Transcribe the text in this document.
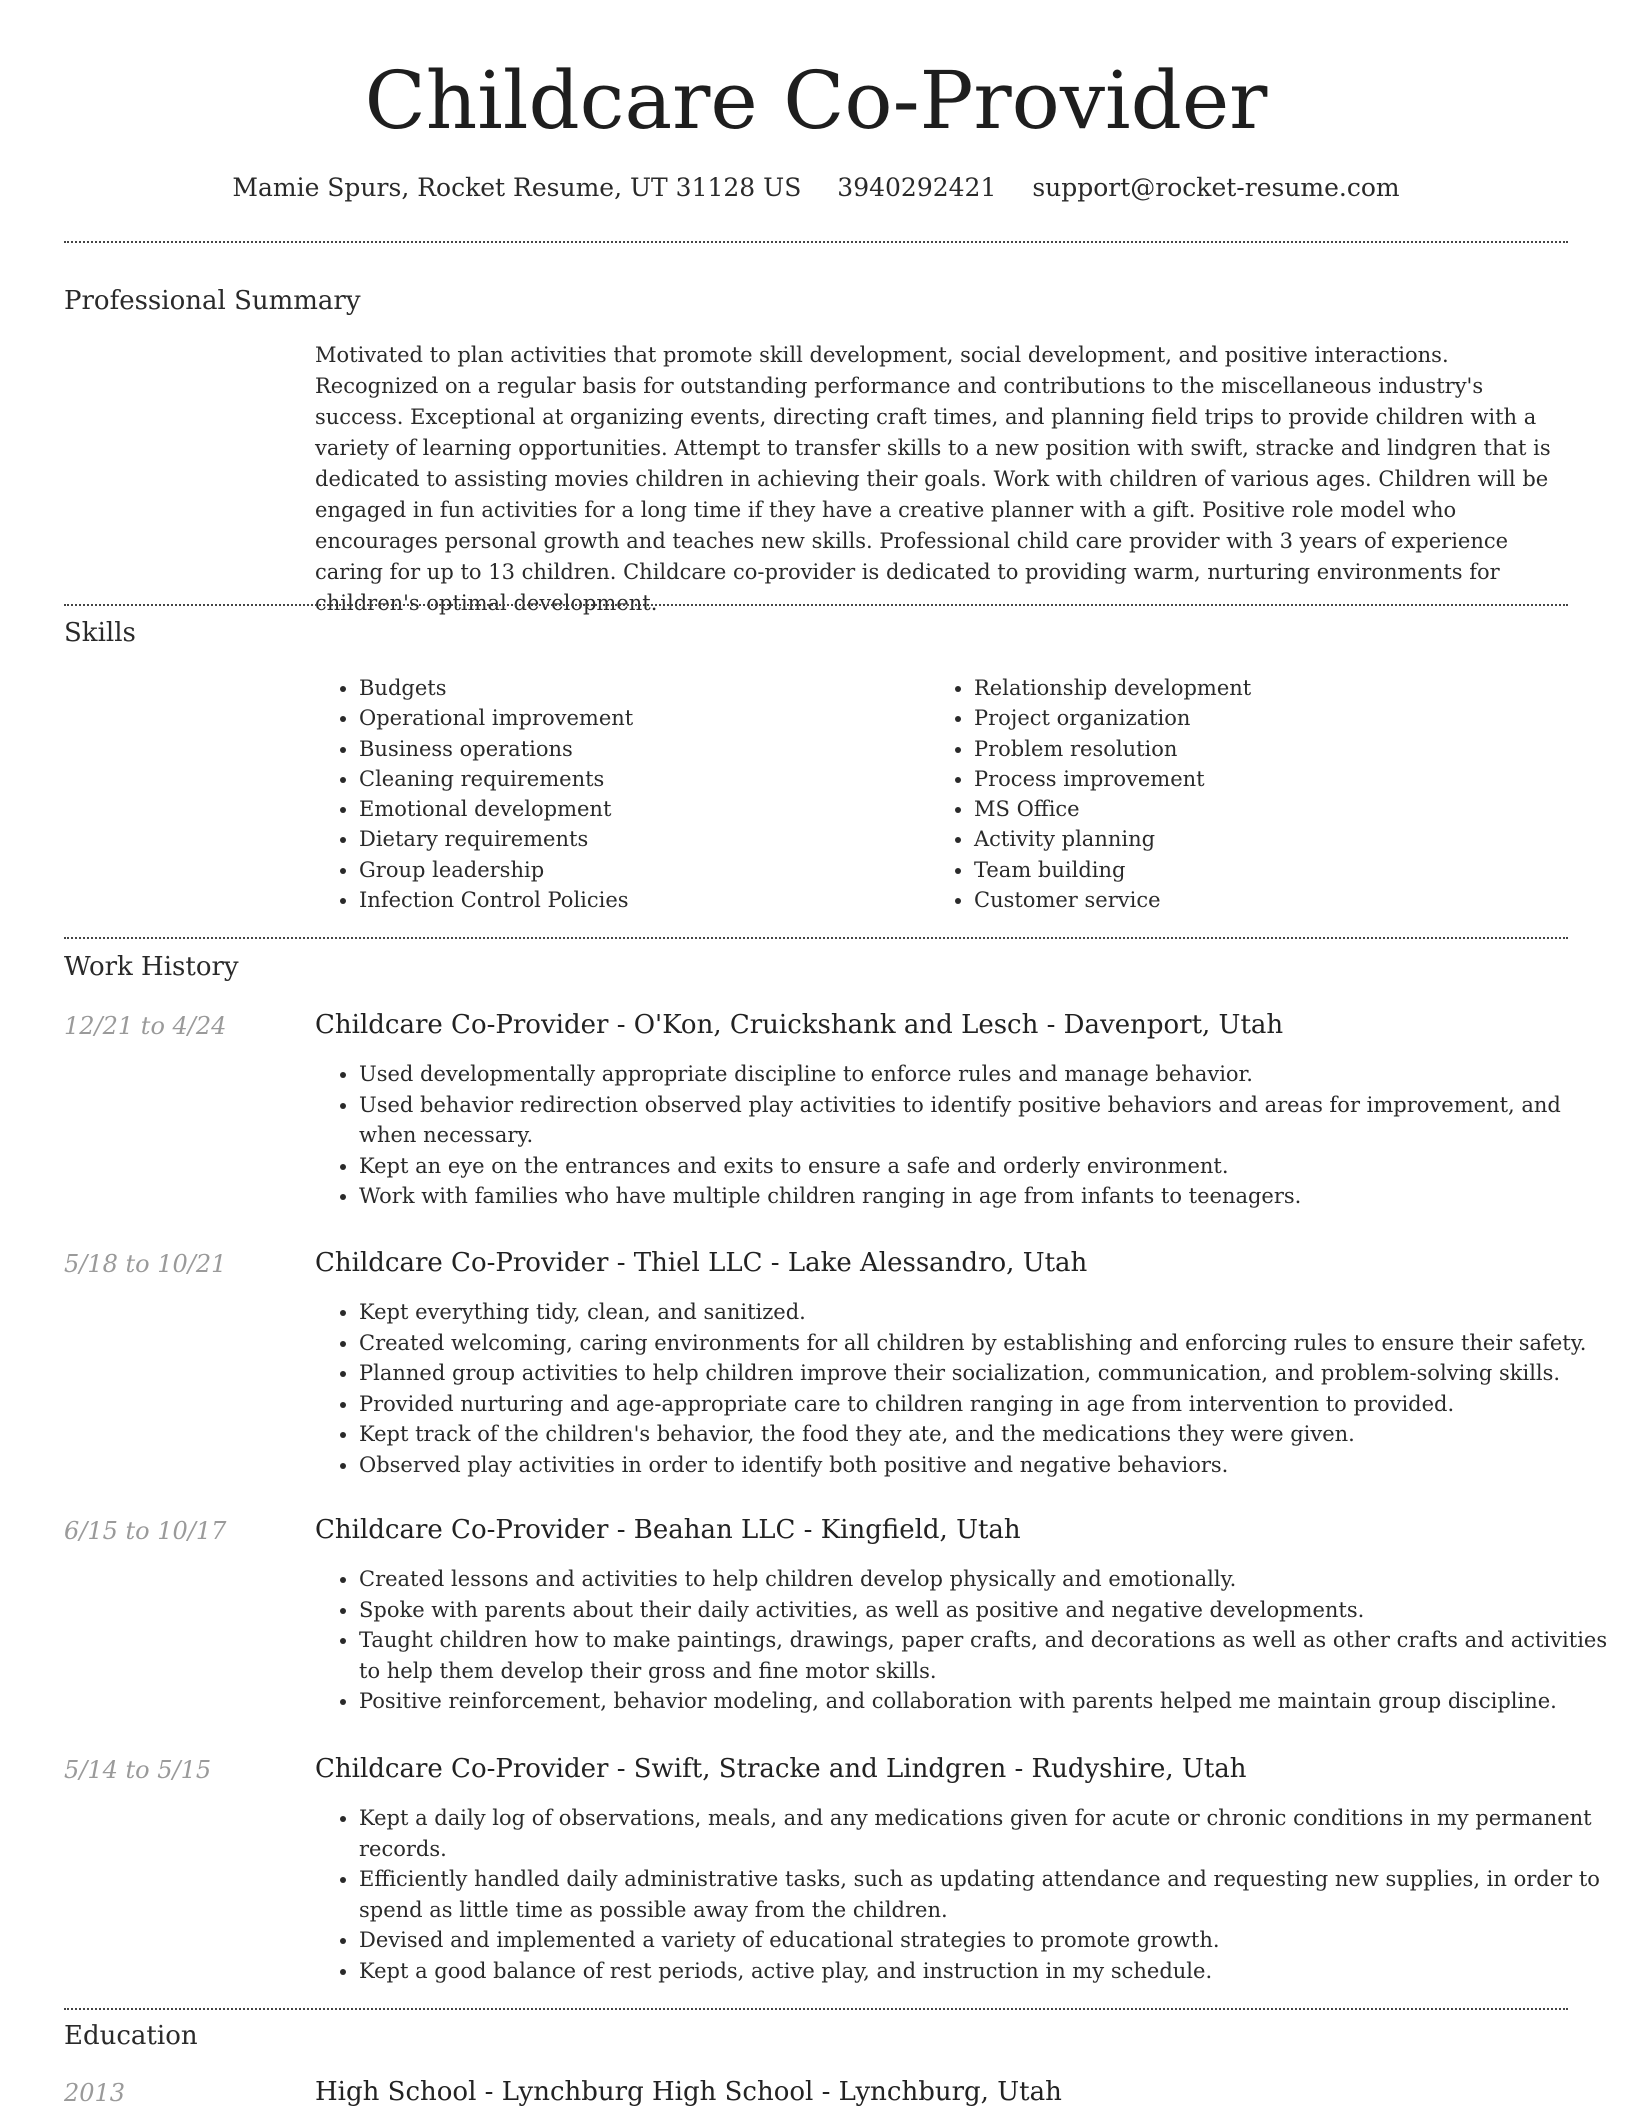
Childcare Co-Provider
Mamie Spurs, Rocket Resume, UT 31128 US 3940292421 support@rocket-resume.com
Professional Summary
Motivated to plan activities that promote skill development, social development, and positive interactions. Recognized on a regular basis for outstanding performance and contributions to the miscellaneous industry's success. Exceptional at organizing events, directing craft times, and planning field trips to provide children with a variety of learning opportunities. Attempt to transfer skills to a new position with swift, stracke and lindgren that is dedicated to assisting movies children in achieving their goals. Work with children of various ages. Children will be engaged in fun activities for a long time if they have a creative planner with a gift. Positive role model who encourages personal growth and teaches new skills. Professional child care provider with 3 years of experience caring for up to 13 children. Childcare co-provider is dedicated to providing warm, nurturing environments for children's optimal development.
Skills
• Budgets
• Operational improvement
• Business operations
• Cleaning requirements
• Emotional development
• Dietary requirements
• Group leadership
• Infection Control Policies
• Relationship development
• Project organization
• Problem resolution
• Process improvement
• MS Office
• Activity planning
• Team building
• Customer service
Work History
12/21 to 4/24	Childcare Co-Provider - O'Kon, Cruickshank and Lesch - Davenport, Utah
• Used developmentally appropriate discipline to enforce rules and manage behavior.
• Used behavior redirection observed play activities to identify positive behaviors and areas for improvement, and when necessary.
• Kept an eye on the entrances and exits to ensure a safe and orderly environment.
• Work with families who have multiple children ranging in age from infants to teenagers.
5/18 to 10/21	Childcare Co-Provider - Thiel LLC - Lake Alessandro, Utah
• Kept everything tidy, clean, and sanitized.
• Created welcoming, caring environments for all children by establishing and enforcing rules to ensure their safety.
• Planned group activities to help children improve their socialization, communication, and problem-solving skills.
• Provided nurturing and age-appropriate care to children ranging in age from intervention to provided.
• Kept track of the children's behavior, the food they ate, and the medications they were given.
• Observed play activities in order to identify both positive and negative behaviors.
6/15 to 10/17	Childcare Co-Provider - Beahan LLC - Kingfield, Utah
• Created lessons and activities to help children develop physically and emotionally.
• Spoke with parents about their daily activities, as well as positive and negative developments.
• Taught children how to make paintings, drawings, paper crafts, and decorations as well as other crafts and activities to help them develop their gross and fine motor skills.
• Positive reinforcement, behavior modeling, and collaboration with parents helped me maintain group discipline.
5/14 to 5/15	Childcare Co-Provider - Swift, Stracke and Lindgren - Rudyshire, Utah
• Kept a daily log of observations, meals, and any medications given for acute or chronic conditions in my permanent records.
• Efficiently handled daily administrative tasks, such as updating attendance and requesting new supplies, in order to spend as little time as possible away from the children.
• Devised and implemented a variety of educational strategies to promote growth.
• Kept a good balance of rest periods, active play, and instruction in my schedule.
Education
2013	High School - Lynchburg High School - Lynchburg, Utah
